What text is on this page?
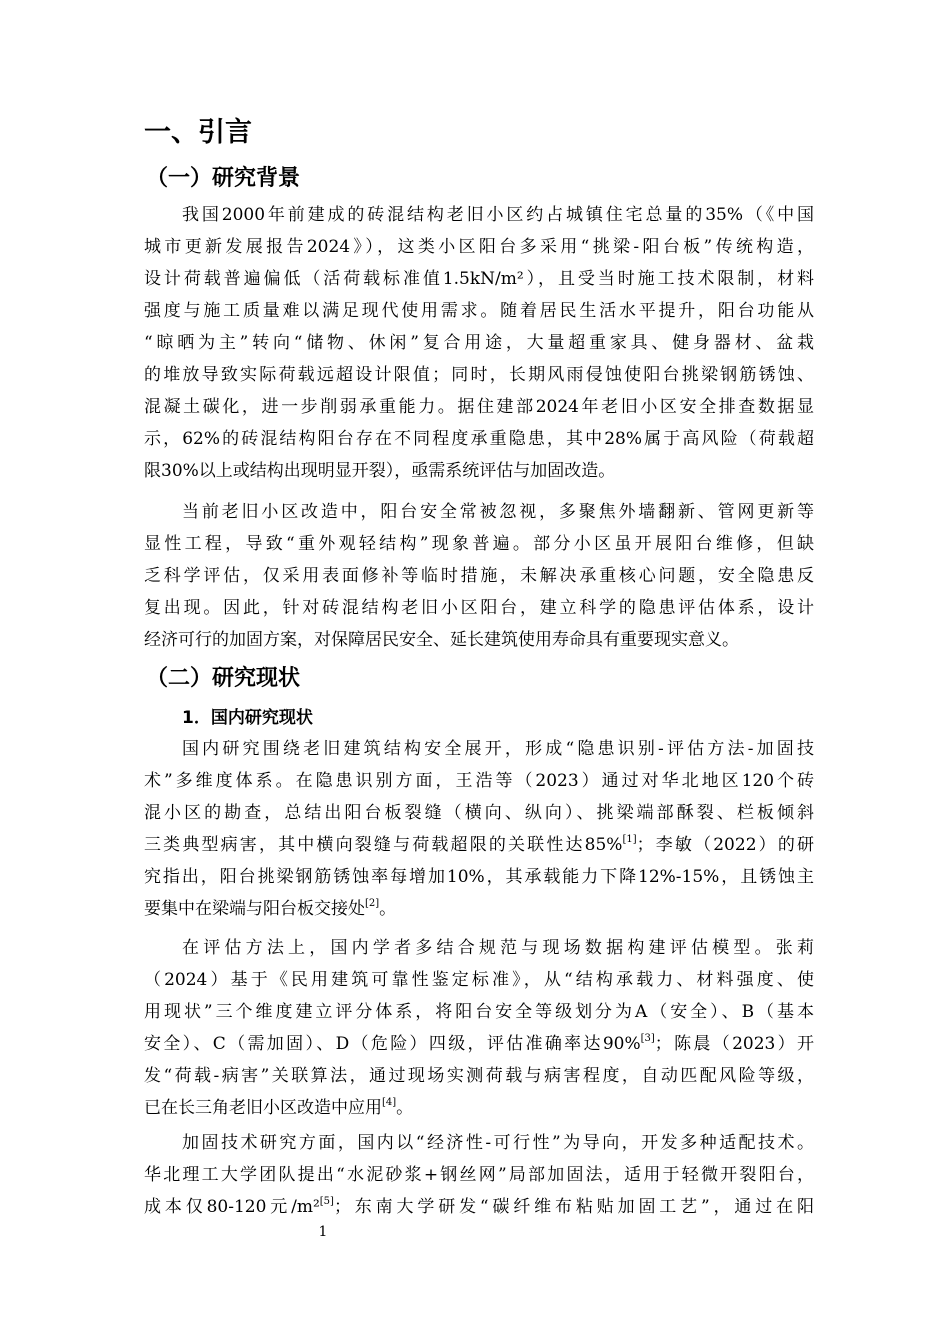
一、引言
（一）研究背景
我国2000年前建成的砖混结构老旧小区约占城镇住宅总量的35%（《中国
城市更新发展报告2024》），这类小区阳台多采用“挑梁-阳台板”传统构造，
设计荷载普遍偏低（活荷载标准值1.5kN/m²），且受当时施工技术限制，材料
强度与施工质量难以满足现代使用需求。随着居民生活水平提升，阳台功能从
“晾晒为主”转向“储物、休闲”复合用途，大量超重家具、健身器材、盆栽
的堆放导致实际荷载远超设计限值；同时，长期风雨侵蚀使阳台挑梁钢筋锈蚀、
混凝土碳化，进一步削弱承重能力。据住建部2024年老旧小区安全排查数据显
示，62%的砖混结构阳台存在不同程度承重隐患，其中28%属于高风险（荷载超
限30%以上或结构出现明显开裂），亟需系统评估与加固改造。
当前老旧小区改造中，阳台安全常被忽视，多聚焦外墙翻新、管网更新等
显性工程，导致“重外观轻结构”现象普遍。部分小区虽开展阳台维修，但缺
乏科学评估，仅采用表面修补等临时措施，未解决承重核心问题，安全隐患反
复出现。因此，针对砖混结构老旧小区阳台，建立科学的隐患评估体系，设计
经济可行的加固方案，对保障居民安全、延长建筑使用寿命具有重要现实意义。
（二）研究现状
1．国内研究现状
国内研究围绕老旧建筑结构安全展开，形成“隐患识别-评估方法-加固技
术”多维度体系。在隐患识别方面，王浩等（2023）通过对华北地区120个砖
混小区的勘查，总结出阳台板裂缝（横向、纵向）、挑梁端部酥裂、栏板倾斜
三类典型病害，其中横向裂缝与荷载超限的关联性达85%[1]；李敏（2022）的研
究指出，阳台挑梁钢筋锈蚀率每增加10%，其承载能力下降12%-15%，且锈蚀主
要集中在梁端与阳台板交接处[2]。
在评估方法上，国内学者多结合规范与现场数据构建评估模型。张莉
（2024）基于《民用建筑可靠性鉴定标准》，从“结构承载力、材料强度、使
用现状”三个维度建立评分体系，将阳台安全等级划分为A（安全）、B（基本
安全）、C（需加固）、D（危险）四级，评估准确率达90%[3]；陈晨（2023）开
发“荷载-病害”关联算法，通过现场实测荷载与病害程度，自动匹配风险等级，
已在长三角老旧小区改造中应用[4]。
加固技术研究方面，国内以“经济性-可行性”为导向，开发多种适配技术。
华北理工大学团队提出“水泥砂浆+钢丝网”局部加固法，适用于轻微开裂阳台，
成本仅80-120元/m²[5]；东南大学研发“碳纤维布粘贴加固工艺”，通过在阳
1
